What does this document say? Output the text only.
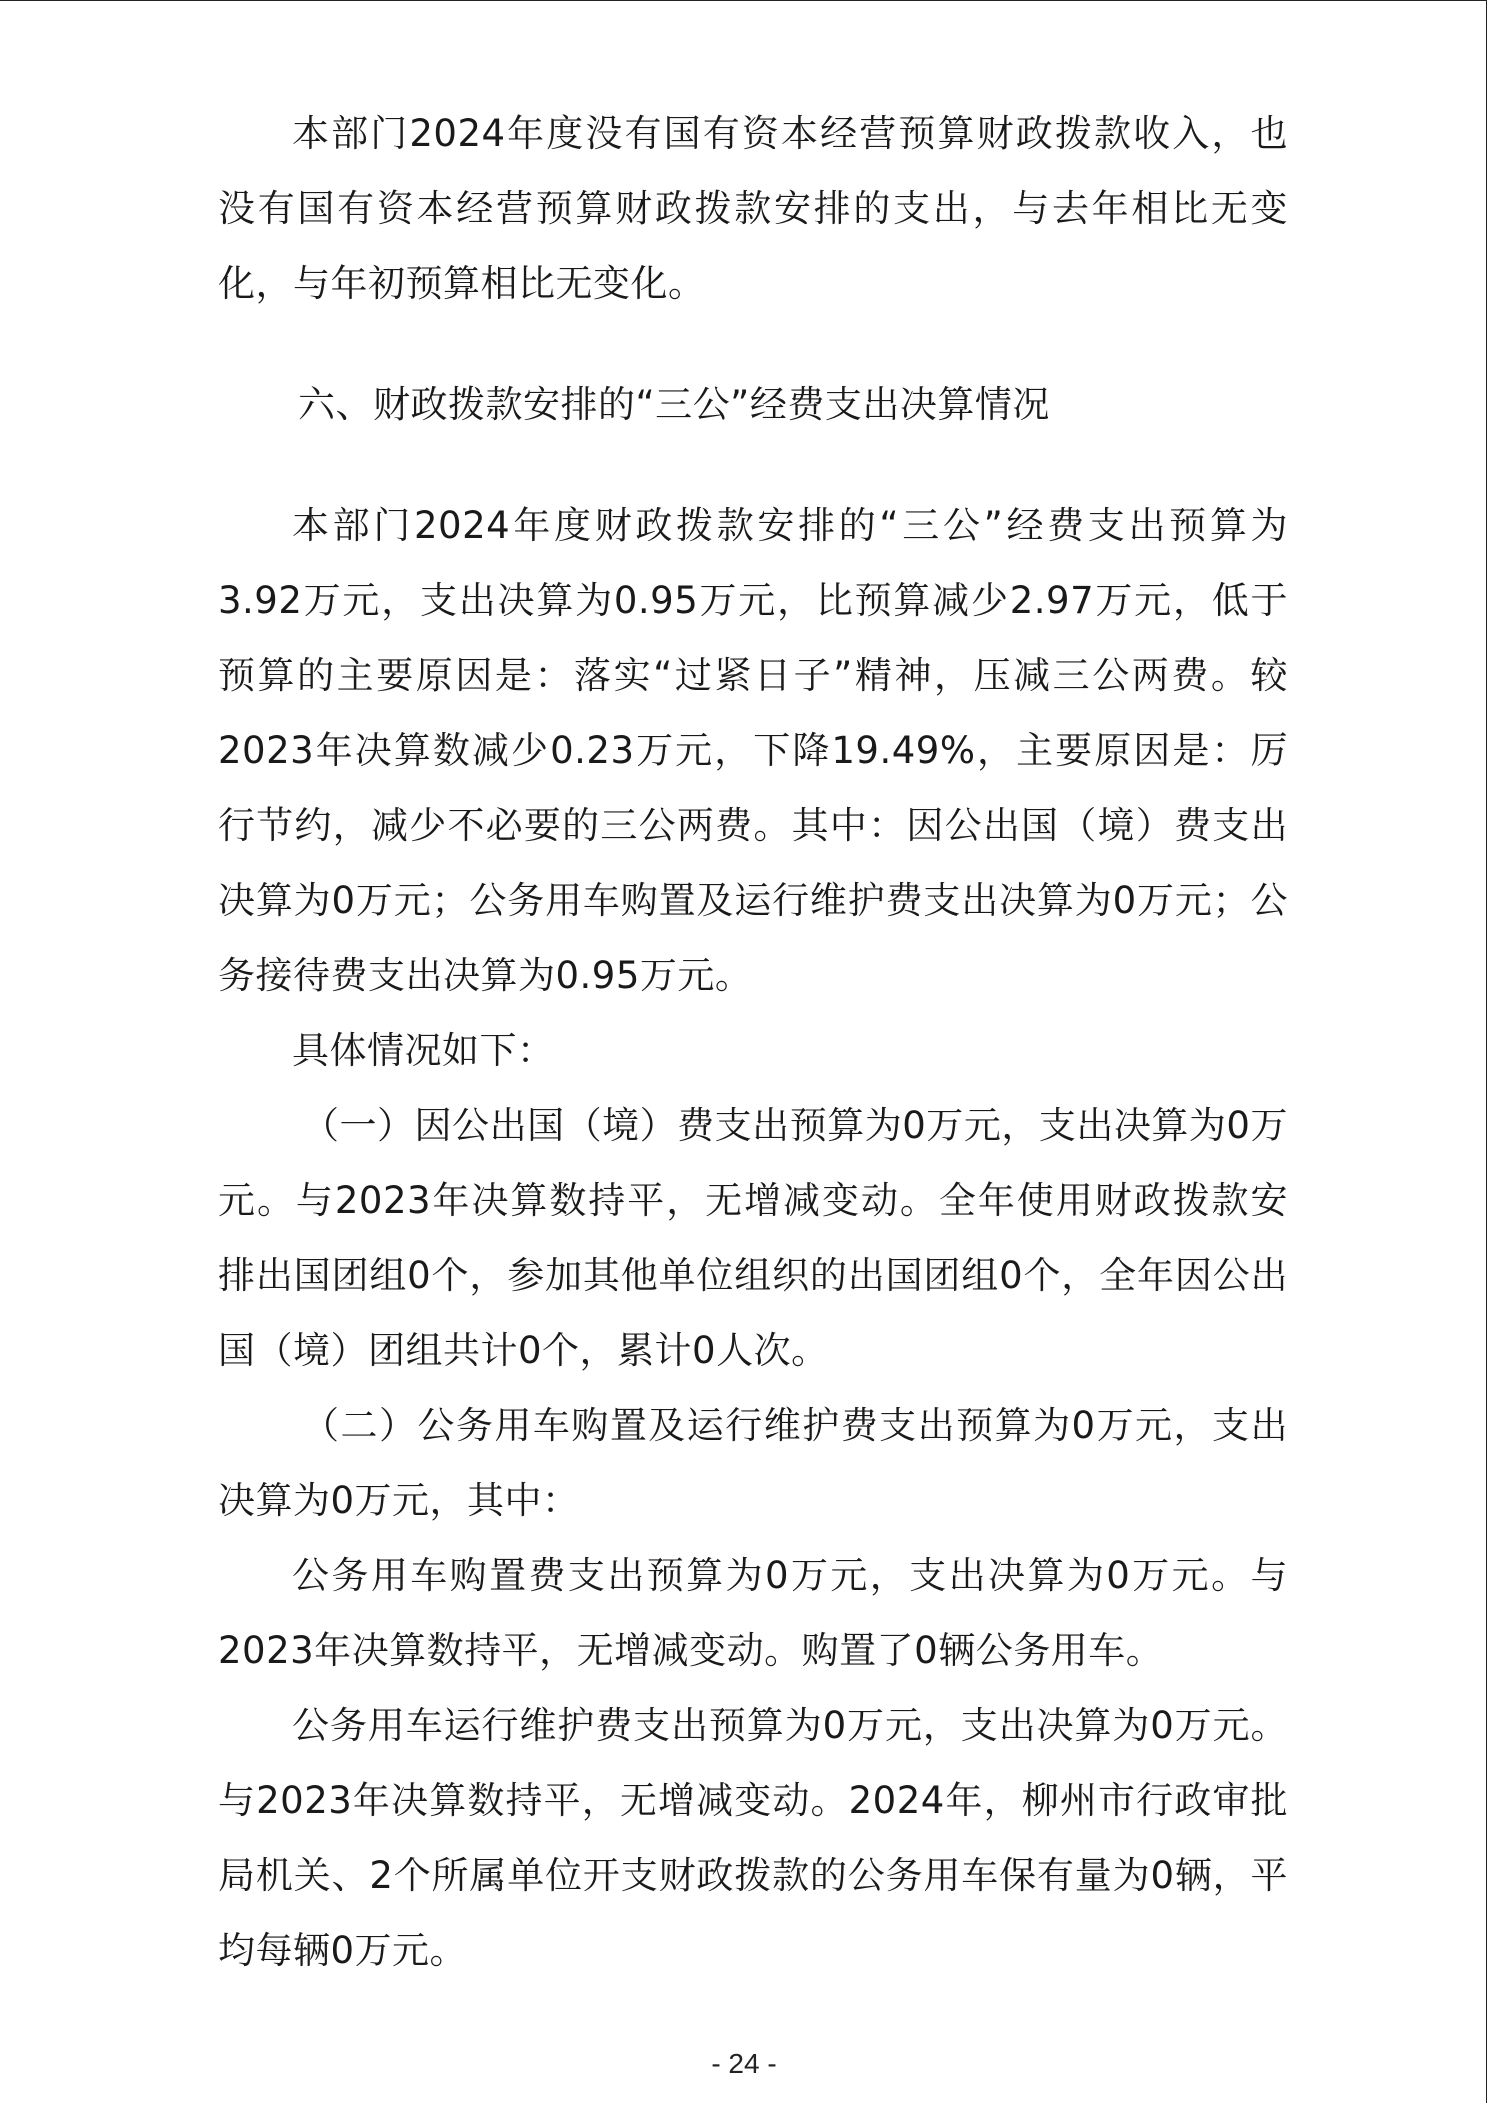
本部门2024年度没有国有资本经营预算财政拨款收入，也没有国有资本经营预算财政拨款安排的支出，与去年相比无变化，与年初预算相比无变化。

六、财政拨款安排的“三公”经费支出决算情况

本部门2024年度财政拨款安排的“三公”经费支出预算为3.92万元，支出决算为0.95万元，比预算减少2.97万元，低于预算的主要原因是：落实“过紧日子”精神，压减三公两费。较2023年决算数减少0.23万元，下降19.49%，主要原因是：厉行节约，减少不必要的三公两费。其中：因公出国（境）费支出决算为0万元；公务用车购置及运行维护费支出决算为0万元；公务接待费支出决算为0.95万元。

具体情况如下：

（一）因公出国（境）费支出预算为0万元，支出决算为0万元。与2023年决算数持平，无增减变动。全年使用财政拨款安排出国团组0个，参加其他单位组织的出国团组0个，全年因公出国（境）团组共计0个，累计0人次。

（二）公务用车购置及运行维护费支出预算为0万元，支出决算为0万元，其中：

公务用车购置费支出预算为0万元，支出决算为0万元。与2023年决算数持平，无增减变动。购置了0辆公务用车。

公务用车运行维护费支出预算为0万元，支出决算为0万元。与2023年决算数持平，无增减变动。2024年，柳州市行政审批局机关、2个所属单位开支财政拨款的公务用车保有量为0辆，平均每辆0万元。

- 24 -
